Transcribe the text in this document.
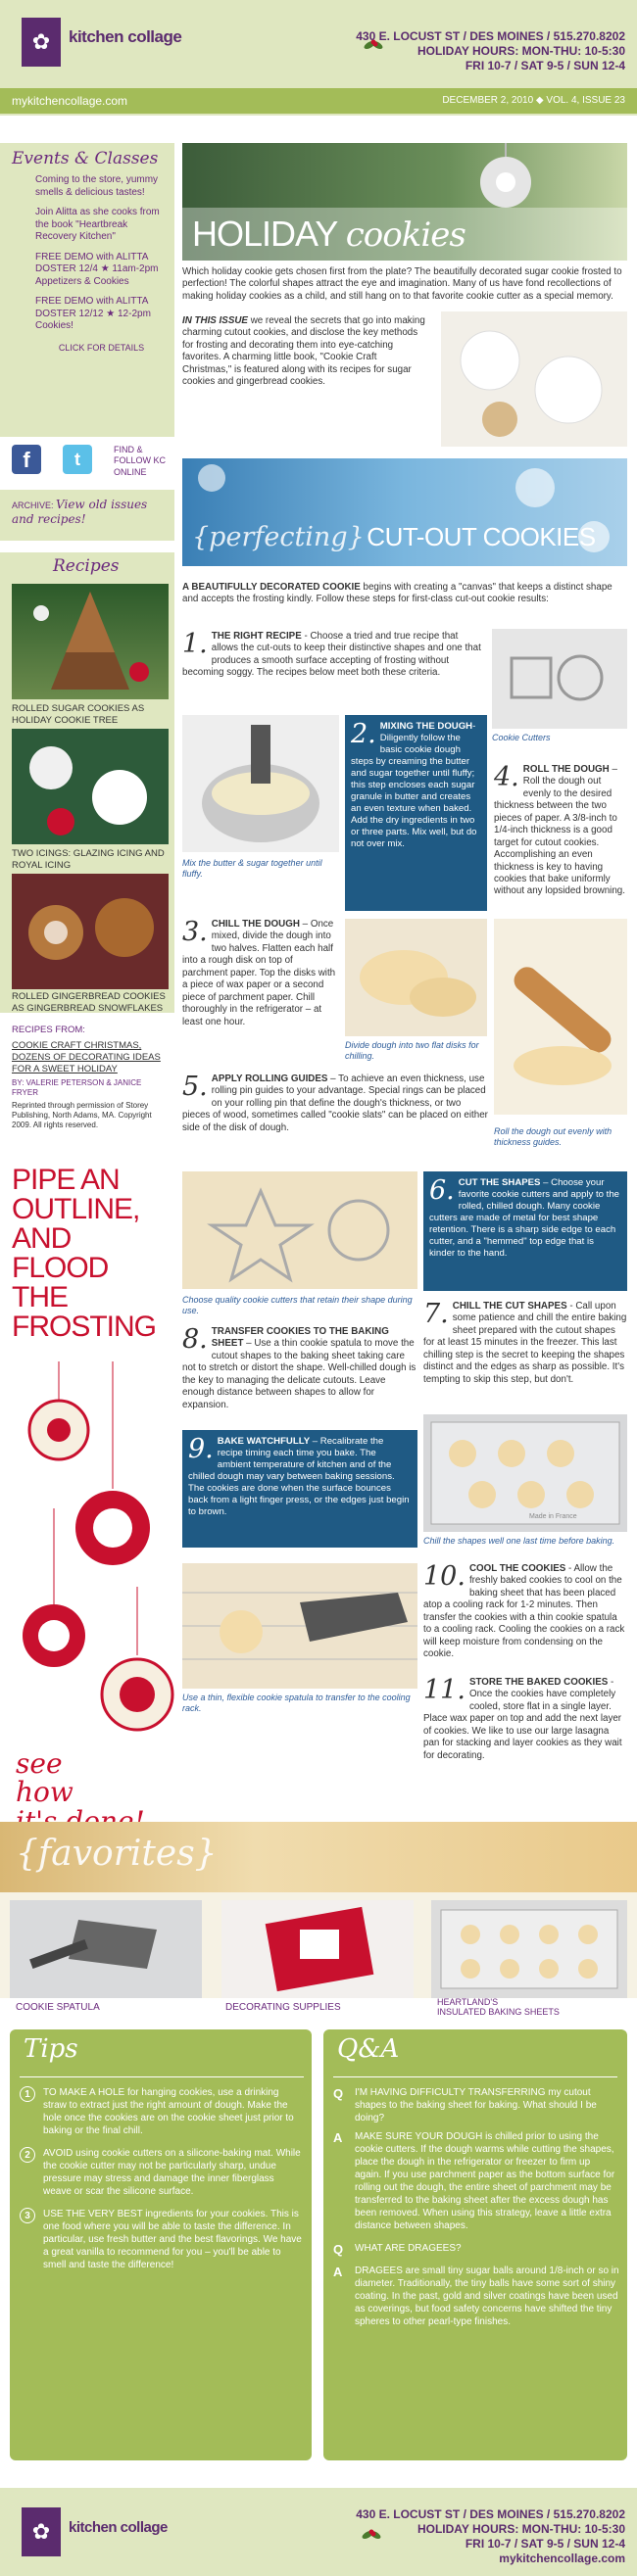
✿	kitchen collage	430 E. LOCUST ST / DES MOINES / 515.270.8202
HOLIDAY HOURS: MON-THU: 10-5:30
FRI 10-7 / SAT 9-5 / SUN 12-4
mykitchencollage.com	DECEMBER 2, 2010 ◆ VOL. 4, ISSUE 23
Events & Classes
Coming to the store, yummy smells & delicious tastes!
Join Alitta as she cooks from the book "Heartbreak Recovery Kitchen"
FREE DEMO with ALITTA DOSTER 12/4 ★ 11am-2pm Appetizers & Cookies
FREE DEMO with ALITTA DOSTER 12/12 ★ 12-2pm Cookies!
CLICK FOR DETAILS
f	t	FIND & FOLLOW KC ONLINE
ARCHIVE: View old issues and recipes!
Recipes
ROLLED SUGAR COOKIES AS HOLIDAY COOKIE TREE
TWO ICINGS: GLAZING ICING AND ROYAL ICING
ROLLED GINGERBREAD COOKIES AS GINGERBREAD SNOWFLAKES
RECIPES FROM:
COOKIE CRAFT CHRISTMAS, DOZENS OF DECORATING IDEAS FOR A SWEET HOLIDAY
BY: VALERIE PETERSON & JANICE FRYER
Reprinted through permission of Storey Publishing, North Adams, MA. Copyright 2009. All rights reserved.
HOLIDAY cookies
Which holiday cookie gets chosen first from the plate? The beautifully decorated sugar cookie frosted to perfection! The colorful shapes attract the eye and imagination. Many of us have fond recollections of making holiday cookies as a child, and still hang on to that favorite cookie cutter as a special memory.
IN THIS ISSUE we reveal the secrets that go into making charming cutout cookies, and disclose the key methods for frosting and decorating them into eye-catching favorites. A charming little book, "Cookie Craft Christmas," is featured along with its recipes for sugar cookies and gingerbread cookies.
{perfecting} CUT-OUT COOKIES
A BEAUTIFULLY DECORATED COOKIE begins with creating a "canvas" that keeps a distinct shape and accepts the frosting kindly. Follow these steps for first-class cut-out cookie results:
1. THE RIGHT RECIPE - Choose a tried and true recipe that allows the cut-outs to keep their distinctive shapes and one that produces a smooth surface accepting of frosting without becoming soggy. The recipes below meet both these criteria.
Cookie Cutters
Mix the butter & sugar together until fluffy.
2. MIXING THE DOUGH- Diligently follow the basic cookie dough steps by creaming the butter and sugar together until fluffy; this step encloses each sugar granule in butter and creates an even texture when baked. Add the dry ingredients in two or three parts. Mix well, but do not over mix.
4. ROLL THE DOUGH – Roll the dough out evenly to the desired thickness between the two pieces of paper. A 3/8-inch to 1/4-inch thickness is a good target for cutout cookies. Accomplishing an even thickness is key to having cookies that bake uniformly without any lopsided browning.
3. CHILL THE DOUGH – Once mixed, divide the dough into two halves. Flatten each half into a rough disk on top of parchment paper. Top the disks with a piece of wax paper or a second piece of parchment paper. Chill thoroughly in the refrigerator – at least one hour.
Divide dough into two flat disks for chilling.
Roll the dough out evenly with thickness guides.
5. APPLY ROLLING GUIDES – To achieve an even thickness, use rolling pin guides to your advantage. Special rings can be placed on your rolling pin that define the dough's thickness, or two pieces of wood, sometimes called "cookie slats" can be placed on either side of the disk of dough.
PIPE AN
OUTLINE,
AND
FLOOD
THE
FROSTING
see
how
Choose quality cookie cutters that retain their shape during use.
6. CUT THE SHAPES – Choose your favorite cookie cutters and apply to the rolled, chilled dough. Many cookie cutters are made of metal for best shape retention. There is a sharp side edge to each cutter, and a "hemmed" top edge that is kinder to the hand.
7. CHILL THE CUT SHAPES - Call upon some patience and chill the entire baking sheet prepared with the cutout shapes for at least 15 minutes in the freezer. This last chilling step is the secret to keeping the shapes distinct and the edges as sharp as possible. It's tempting to skip this step, but don't.
8. TRANSFER COOKIES TO THE BAKING SHEET – Use a thin cookie spatula to move the cutout shapes to the baking sheet taking care not to stretch or distort the shape. Well-chilled dough is the key to managing the delicate cutouts. Leave enough distance between shapes to allow for expansion.
Made in France
Chill the shapes well one last time before baking.
9. BAKE WATCHFULLY – Recalibrate the recipe timing each time you bake. The ambient temperature of kitchen and of the chilled dough may vary between baking sessions. The cookies are done when the surface bounces back from a light finger press, or the edges just begin to brown.
10. COOL THE COOKIES - Allow the freshly baked cookies to cool on the baking sheet that has been placed atop a cooling rack for 1-2 minutes. Then transfer the cookies with a thin cookie spatula to a cooling rack. Cooling the cookies on a rack will keep moisture from condensing on the cookie.
Use a thin, flexible cookie spatula to transfer to the cooling rack.
11. STORE THE BAKED COOKIES - Once the cookies have completely cooled, store flat in a single layer. Place wax paper on top and add the next layer of cookies. We like to use our large lasagna pan for stacking and layer cookies as they wait for decorating.
{favorites}
COOKIE SPATULA	DECORATING SUPPLIES	HEARTLAND'S
INSULATED BAKING SHEETS
Tips
1	TO MAKE A HOLE for hanging cookies, use a drinking straw to extract just the right amount of dough. Make the hole once the cookies are on the cookie sheet just prior to baking or the final chill.
2	AVOID using cookie cutters on a silicone-baking mat. While the cookie cutter may not be particularly sharp, undue pressure may stress and damage the inner fiberglass weave or scar the silicone surface.
3	USE THE VERY BEST ingredients for your cookies. This is one food where you will be able to taste the difference. In particular, use fresh butter and the best flavorings. We have a great vanilla to recommend for you – you'll be able to smell and taste the difference!
Q&A
Q	I'M HAVING DIFFICULTY TRANSFERRING my cutout shapes to the baking sheet for baking. What should I be doing?
A	MAKE SURE YOUR DOUGH is chilled prior to using the cookie cutters. If the dough warms while cutting the shapes, place the dough in the refrigerator or freezer to firm up again. If you use parchment paper as the bottom surface for rolling out the dough, the entire sheet of parchment may be transferred to the baking sheet after the excess dough has been removed. When using this strategy, leave a little extra distance between shapes.
Q	WHAT ARE DRAGEES?
A	DRAGEES are small tiny sugar balls around 1/8-inch or so in diameter. Traditionally, the tiny balls have some sort of shiny coating. In the past, gold and silver coatings have been used as coverings, but food safety concerns have shifted the tiny spheres to other pearl-type finishes.
✿	kitchen collage
430 E. LOCUST ST / DES MOINES / 515.270.8202
HOLIDAY HOURS: MON-THU: 10-5:30
FRI 10-7 / SAT 9-5 / SUN 12-4
mykitchencollage.com
